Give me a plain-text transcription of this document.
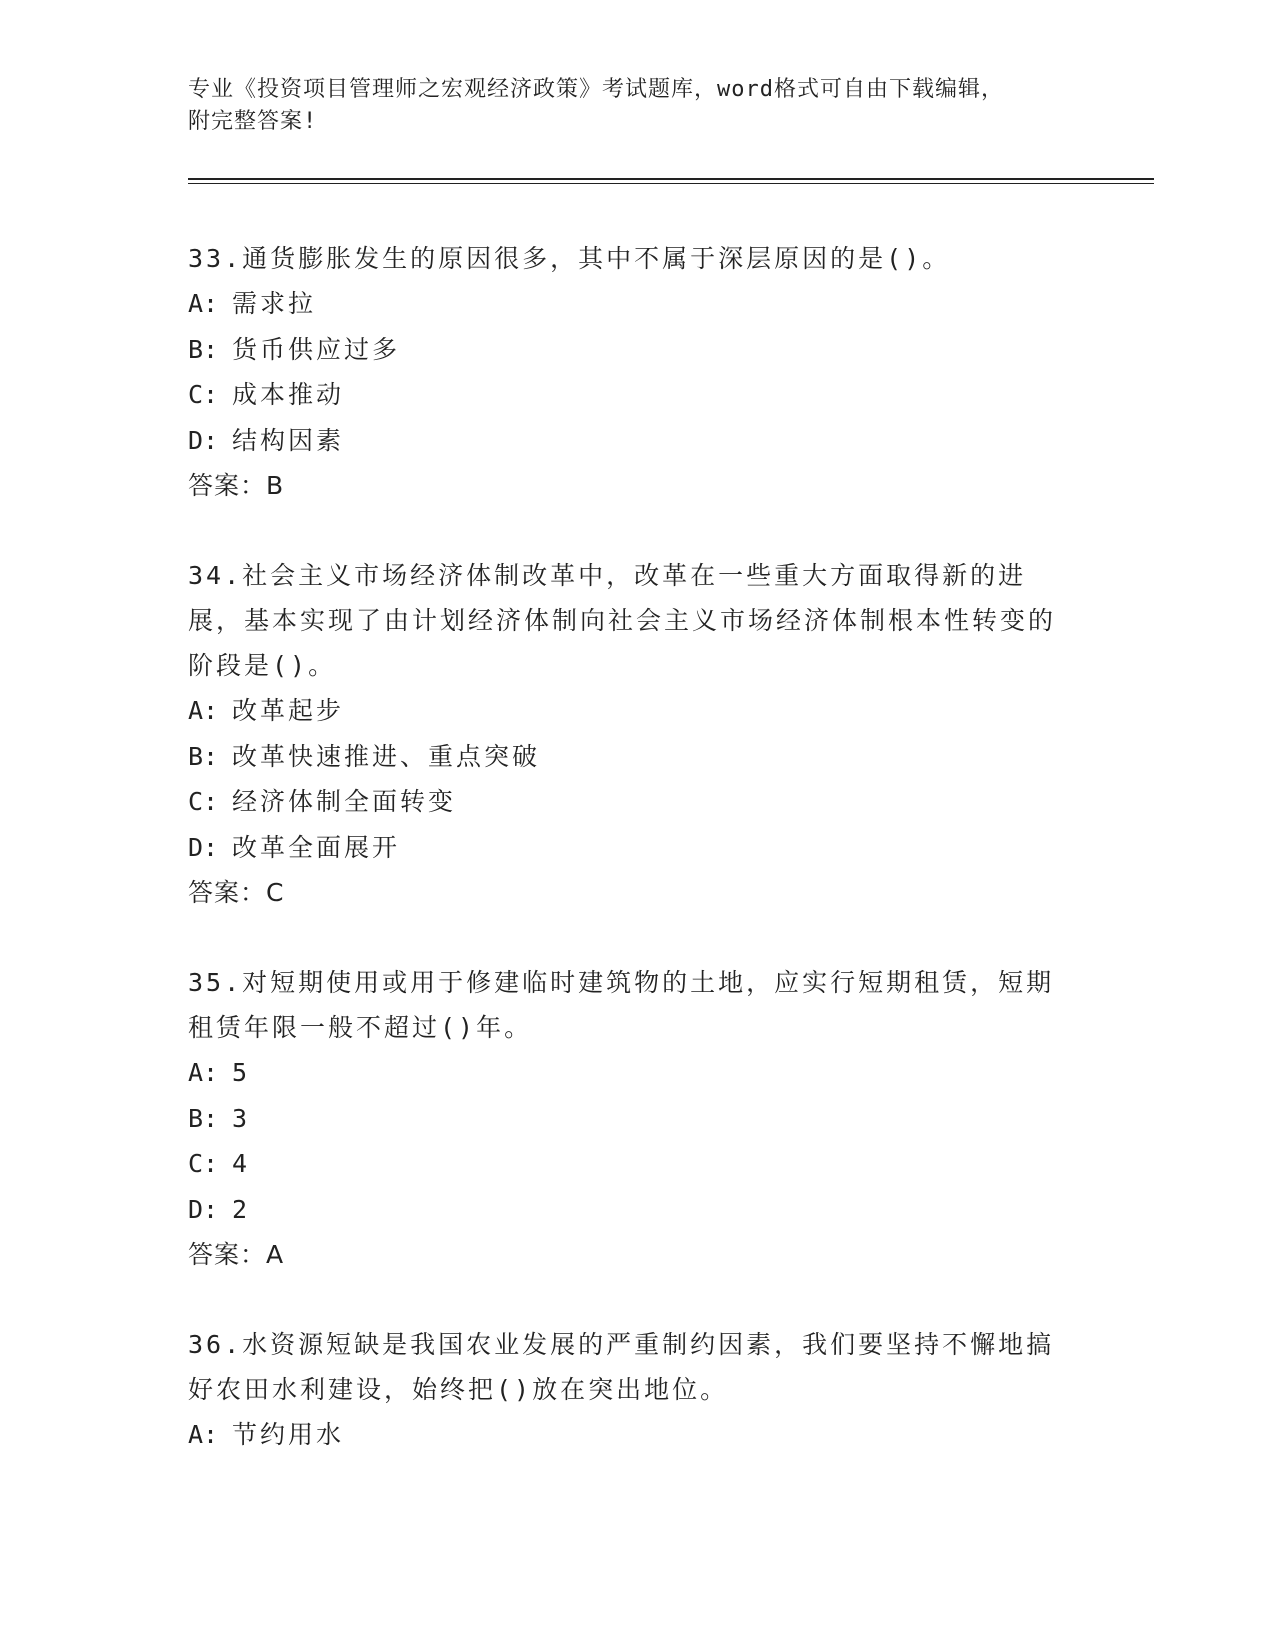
专业《投资项目管理师之宏观经济政策》考试题库，word格式可自由下载编辑，
附完整答案!

33.通货膨胀发生的原因很多，其中不属于深层原因的是()。

A: 需求拉

B: 货币供应过多

C: 成本推动

D: 结构因素

答案：B

34.社会主义市场经济体制改革中，改革在一些重大方面取得新的进展，基本实现了由计划经济体制向社会主义市场经济体制根本性转变的阶段是()。

A: 改革起步

B: 改革快速推进、重点突破

C: 经济体制全面转变

D: 改革全面展开

答案：C

35.对短期使用或用于修建临时建筑物的土地，应实行短期租赁，短期租赁年限一般不超过()年。

A: 5

B: 3

C: 4

D: 2

答案：A

36.水资源短缺是我国农业发展的严重制约因素，我们要坚持不懈地搞好农田水利建设，始终把()放在突出地位。

A: 节约用水
